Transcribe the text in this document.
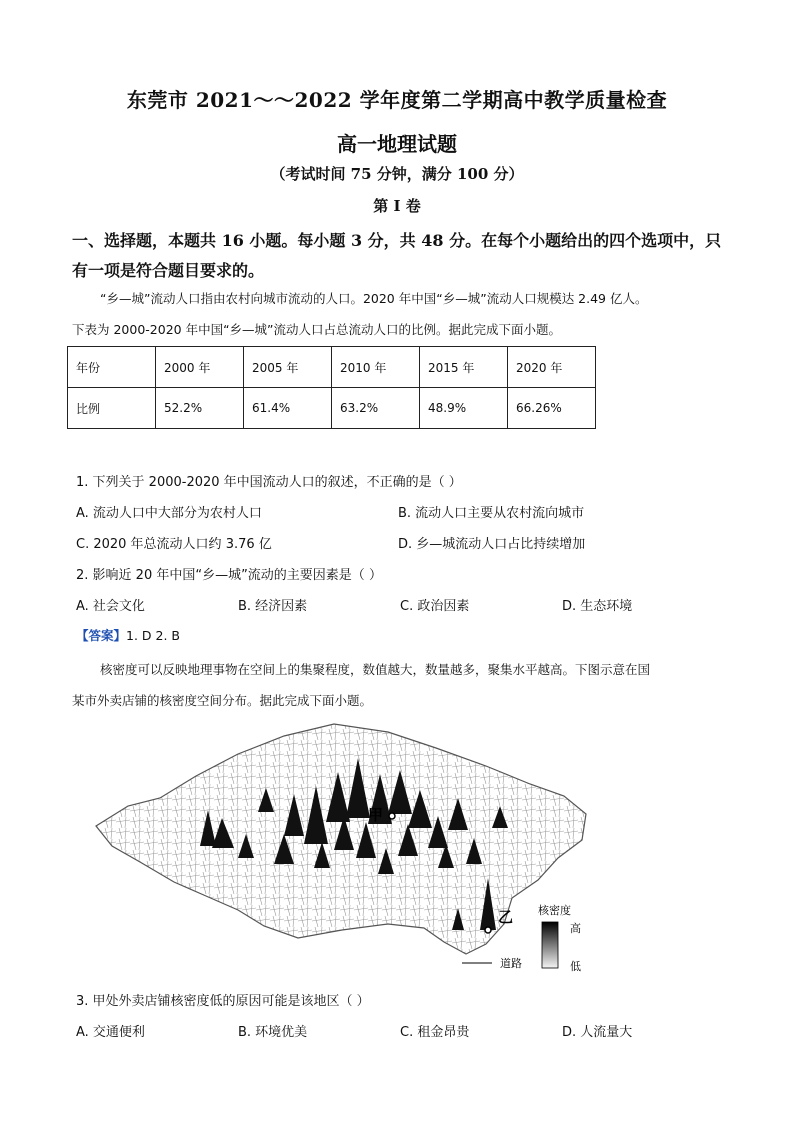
东莞市 2021～～2022 学年度第二学期高中教学质量检查
高一地理试题
（考试时间 75 分钟，满分 100 分）
第 I 卷
一、选择题，本题共 16 小题。每小题 3 分，共 48 分。在每个小题给出的四个选项中，只有一项是符合题目要求的。
“乡—城”流动人口指由农村向城市流动的人口。2020 年中国“乡—城”流动人口规模达 2.49 亿人。
下表为 2000-2020 年中国“乡—城”流动人口占总流动人口的比例。据此完成下面小题。
年份	2000 年	2005 年	2010 年	2015 年	2020 年
比例	52.2%	61.4%	63.2%	48.9%	66.26%
1. 下列关于 2000-2020 年中国流动人口的叙述，不正确的是（ ）
A. 流动人口中大部分为农村人口	B. 流动人口主要从农村流向城市
C. 2020 年总流动人口约 3.76 亿	D. 乡—城流动人口占比持续增加
2. 影响近 20 年中国“乡—城”流动的主要因素是（ ）
A. 社会文化	B. 经济因素	C. 政治因素	D. 生态环境
【答案】1. D 2. B
核密度可以反映地理事物在空间上的集聚程度，数值越大，数量越多，聚集水平越高。下图示意在国
某市外卖店铺的核密度空间分布。据此完成下面小题。
甲
乙 核密度
高
低
道路
3. 甲处外卖店铺核密度低的原因可能是该地区（ ）
A. 交通便利	B. 环境优美	C. 租金昂贵	D. 人流量大
